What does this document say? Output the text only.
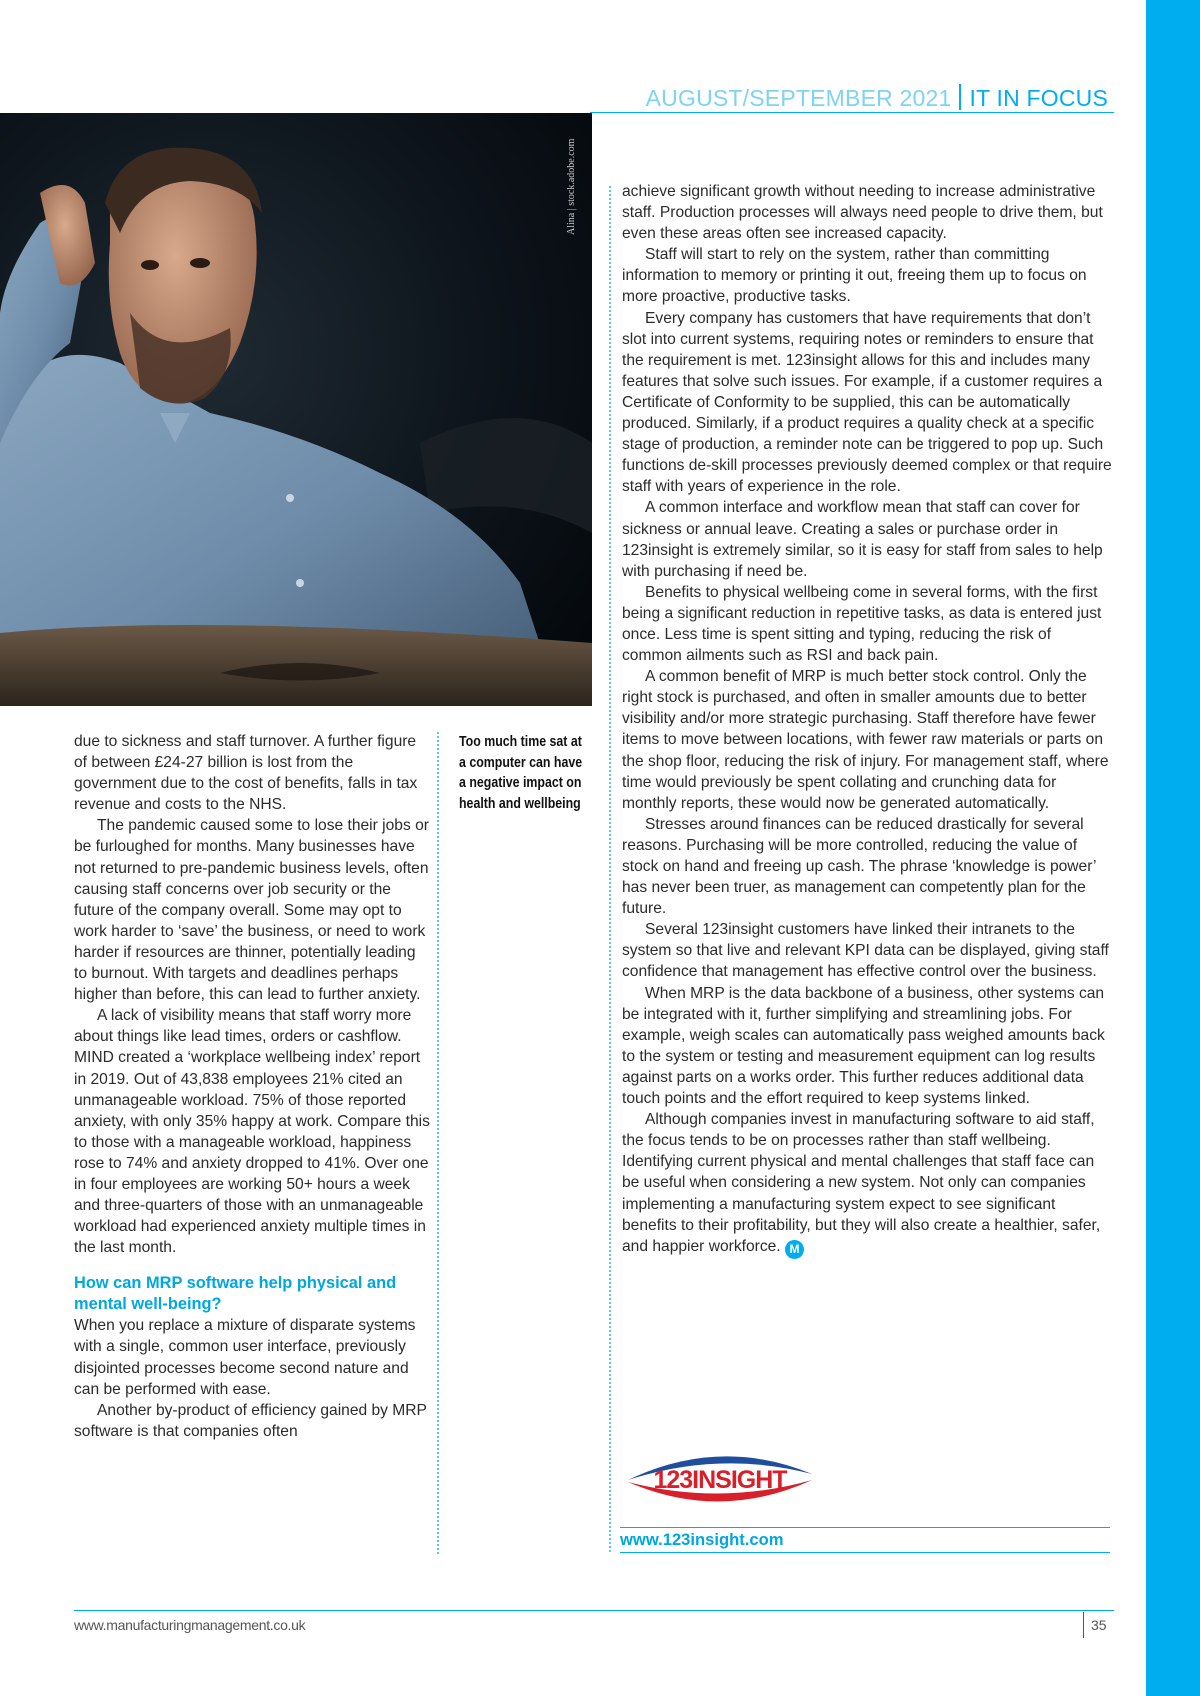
AUGUST/SEPTEMBER 2021 IT IN FOCUS
Alina | stock.adobe.com
Too much time sat at
a computer can have
a negative impact on
health and wellbeing

due to sickness and staff turnover. A further figure of between £24-27 billion is lost from the government due to the cost of benefits, falls in tax revenue and costs to the NHS.

The pandemic caused some to lose their jobs or be furloughed for months. Many businesses have not returned to pre-pandemic business levels, often causing staff concerns over job security or the future of the company overall. Some may opt to work harder to ‘save’ the business, or need to work harder if resources are thinner, potentially leading to burnout. With targets and deadlines perhaps higher than before, this can lead to further anxiety.

A lack of visibility means that staff worry more about things like lead times, orders or cashflow. MIND created a ‘workplace wellbeing index’ report in 2019. Out of 43,838 employees 21% cited an unmanageable workload. 75% of those reported anxiety, with only 35% happy at work. Compare this to those with a manageable workload, happiness rose to 74% and anxiety dropped to 41%. Over one in four employees are working 50+ hours a week and three-quarters of those with an unmanageable workload had experienced anxiety multiple times in the last month.

How can MRP software help physical and mental well-being?

When you replace a mixture of disparate systems with a single, common user interface, previously disjointed processes become second nature and can be performed with ease.

Another by-product of efficiency gained by MRP software is that companies often

achieve significant growth without needing to increase administrative staff. Production processes will always need people to drive them, but even these areas often see increased capacity.

Staff will start to rely on the system, rather than committing information to memory or printing it out, freeing them up to focus on more proactive, productive tasks.

Every company has customers that have requirements that don’t slot into current systems, requiring notes or reminders to ensure that the requirement is met. 123insight allows for this and includes many features that solve such issues. For example, if a customer requires a Certificate of Conformity to be supplied, this can be automatically produced. Similarly, if a product requires a quality check at a specific stage of production, a reminder note can be triggered to pop up. Such functions de-skill processes previously deemed complex or that require staff with years of experience in the role.

A common interface and workflow mean that staff can cover for sickness or annual leave. Creating a sales or purchase order in 123insight is extremely similar, so it is easy for staff from sales to help with purchasing if need be.

Benefits to physical wellbeing come in several forms, with the first being a significant reduction in repetitive tasks, as data is entered just once. Less time is spent sitting and typing, reducing the risk of common ailments such as RSI and back pain.

A common benefit of MRP is much better stock control. Only the right stock is purchased, and often in smaller amounts due to better visibility and/or more strategic purchasing. Staff therefore have fewer items to move between locations, with fewer raw materials or parts on the shop floor, reducing the risk of injury. For management staff, where time would previously be spent collating and crunching data for monthly reports, these would now be generated automatically.

Stresses around finances can be reduced drastically for several reasons. Purchasing will be more controlled, reducing the value of stock on hand and freeing up cash. The phrase ‘knowledge is power’ has never been truer, as management can competently plan for the future.

Several 123insight customers have linked their intranets to the system so that live and relevant KPI data can be displayed, giving staff confidence that management has effective control over the business.

When MRP is the data backbone of a business, other systems can be integrated with it, further simplifying and streamlining jobs. For example, weigh scales can automatically pass weighed amounts back to the system or testing and measurement equipment can log results against parts on a works order. This further reduces additional data touch points and the effort required to keep systems linked.

Although companies invest in manufacturing software to aid staff, the focus tends to be on processes rather than staff wellbeing. Identifying current physical and mental challenges that staff face can be useful when considering a new system. Not only can companies implementing a manufacturing system expect to see significant benefits to their profitability, but they will also create a healthier, safer, and happier workforce. M

123INSIGHT
www.123insight.com
www.manufacturingmanagement.co.uk	35
